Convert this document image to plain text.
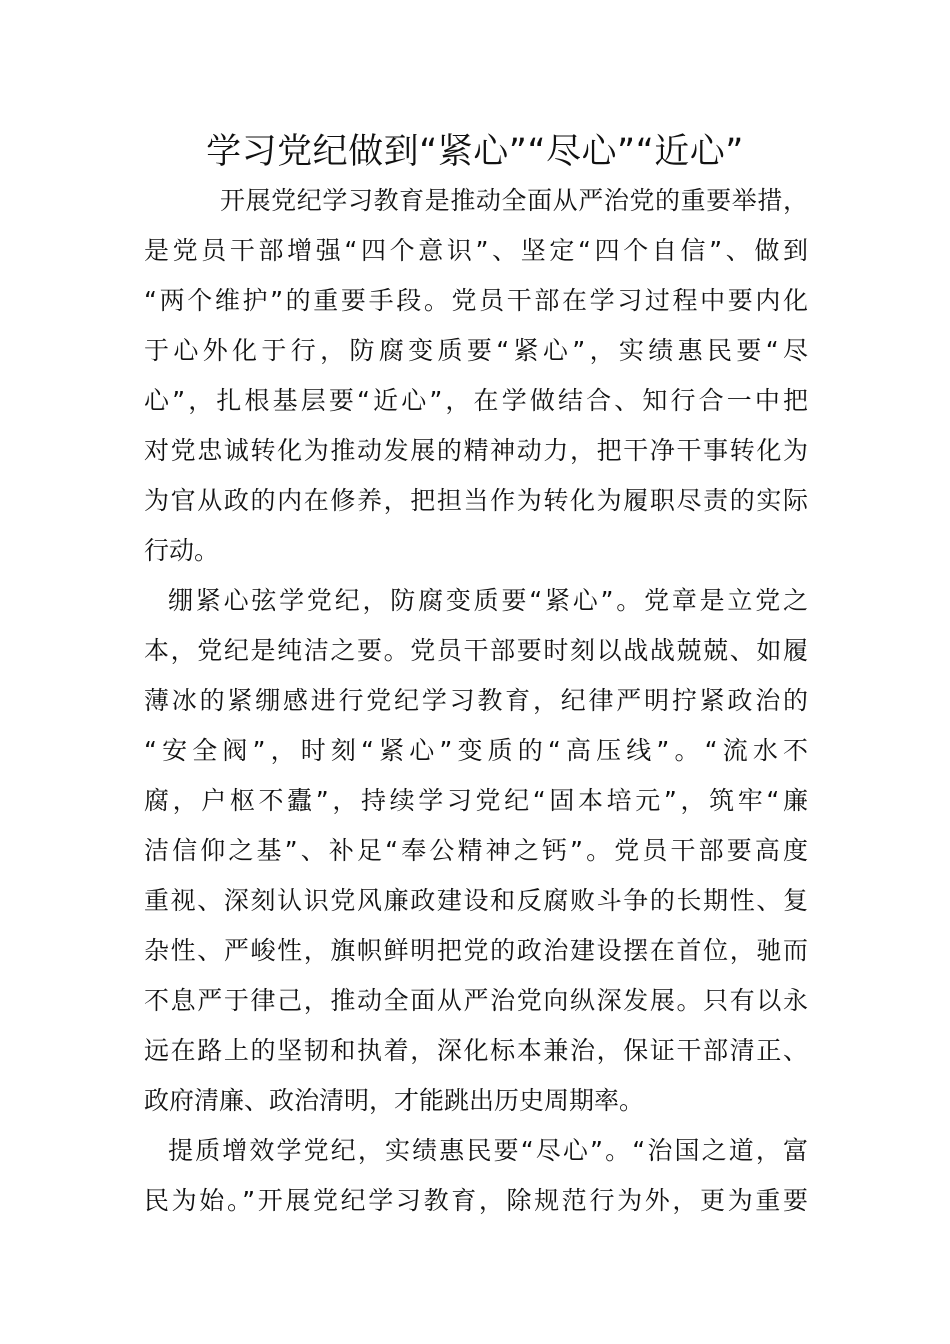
学习党纪做到“紧心”“尽心”“近心”
开展党纪学习教育是推动全面从严治党的重要举措，
是党员干部增强“四个意识”、坚定“四个自信”、做到
“两个维护”的重要手段。党员干部在学习过程中要内化
于心外化于行，防腐变质要“紧心”，实绩惠民要“尽
心”，扎根基层要“近心”，在学做结合、知行合一中把
对党忠诚转化为推动发展的精神动力，把干净干事转化为
为官从政的内在修养，把担当作为转化为履职尽责的实际
行动。
绷紧心弦学党纪，防腐变质要“紧心”。党章是立党之
本，党纪是纯洁之要。党员干部要时刻以战战兢兢、如履
薄冰的紧绷感进行党纪学习教育，纪律严明拧紧政治的
“安全阀”，时刻“紧心”变质的“高压线”。“流水不
腐，户枢不蠹”，持续学习党纪“固本培元”，筑牢“廉
洁信仰之基”、补足“奉公精神之钙”。党员干部要高度
重视、深刻认识党风廉政建设和反腐败斗争的长期性、复
杂性、严峻性，旗帜鲜明把党的政治建设摆在首位，驰而
不息严于律己，推动全面从严治党向纵深发展。只有以永
远在路上的坚韧和执着，深化标本兼治，保证干部清正、
政府清廉、政治清明，才能跳出历史周期率。
提质增效学党纪，实绩惠民要“尽心”。“治国之道，富
民为始。”开展党纪学习教育，除规范行为外，更为重要
